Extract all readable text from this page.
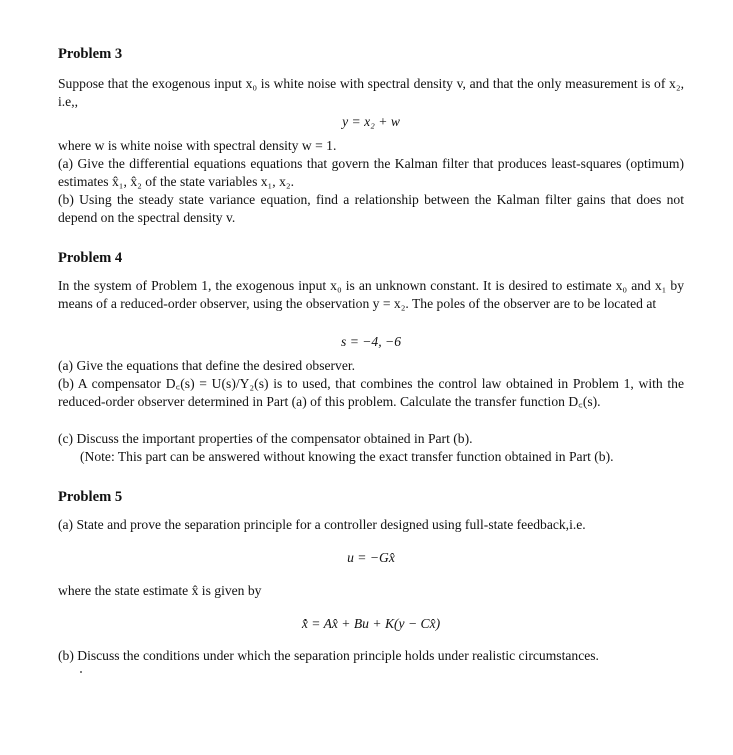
Problem 3
Suppose that the exogenous input x₀ is white noise with spectral density v, and that the only measurement is of x₂, i.e,,
y = x₂ + w
where w is white noise with spectral density w = 1.
(a) Give the differential equations equations that govern the Kalman filter that produces least-squares (optimum) estimates x̂₁, x̂₂ of the state variables x₁, x₂.
(b) Using the steady state variance equation, find a relationship between the Kalman filter gains that does not depend on the spectral density v.
Problem 4
In the system of Problem 1, the exogenous input x₀ is an unknown constant. It is desired to estimate x₀ and x₁ by means of a reduced-order observer, using the observation y = x₂. The poles of the observer are to be located at
s = −4, −6
(a) Give the equations that define the desired observer.
(b) A compensator D꜀(s) = U(s)/Y₂(s) is to used, that combines the control law obtained in Problem 1, with the reduced-order observer determined in Part (a) of this problem. Calculate the transfer function D꜀(s).
(c) Discuss the important properties of the compensator obtained in Part (b).
(Note: This part can be answered without knowing the exact transfer function obtained in Part (b).
Problem 5
(a) State and prove the separation principle for a controller designed using full-state feedback,i.e.
u = −Gx̂
where the state estimate x̂ is given by
x̂̇ = Ax̂ + Bu + K(y − Cx̂)
(b) Discuss the conditions under which the separation principle holds under realistic circumstances.
